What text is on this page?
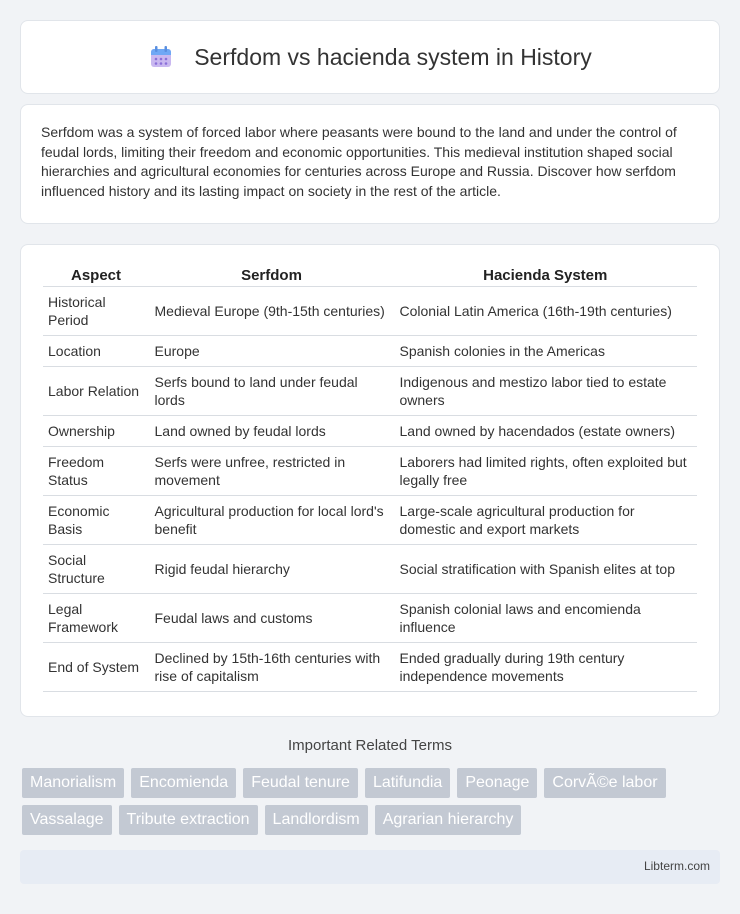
Serfdom vs hacienda system in History

Serfdom was a system of forced labor where peasants were bound to the land and under the control of feudal lords, limiting their freedom and economic opportunities. This medieval institution shaped social hierarchies and agricultural economies for centuries across Europe and Russia. Discover how serfdom influenced history and its lasting impact on society in the rest of the article.

Aspect	Serfdom	Hacienda System
Historical Period	Medieval Europe (9th-15th centuries)	Colonial Latin America (16th-19th centuries)
Location	Europe	Spanish colonies in the Americas
Labor Relation	Serfs bound to land under feudal lords	Indigenous and mestizo labor tied to estate owners
Ownership	Land owned by feudal lords	Land owned by hacendados (estate owners)
Freedom Status	Serfs were unfree, restricted in movement	Laborers had limited rights, often exploited but legally free
Economic Basis	Agricultural production for local lord's benefit	Large-scale agricultural production for domestic and export markets
Social Structure	Rigid feudal hierarchy	Social stratification with Spanish elites at top
Legal Framework	Feudal laws and customs	Spanish colonial laws and encomienda influence
End of System	Declined by 15th-16th centuries with rise of capitalism	Ended gradually during 19th century independence movements
Important Related Terms
Manorialism	Encomienda	Feudal tenure	Latifundia	Peonage	CorvÃ©e labor
Vassalage	Tribute extraction	Landlordism	Agrarian hierarchy
Libterm.com
